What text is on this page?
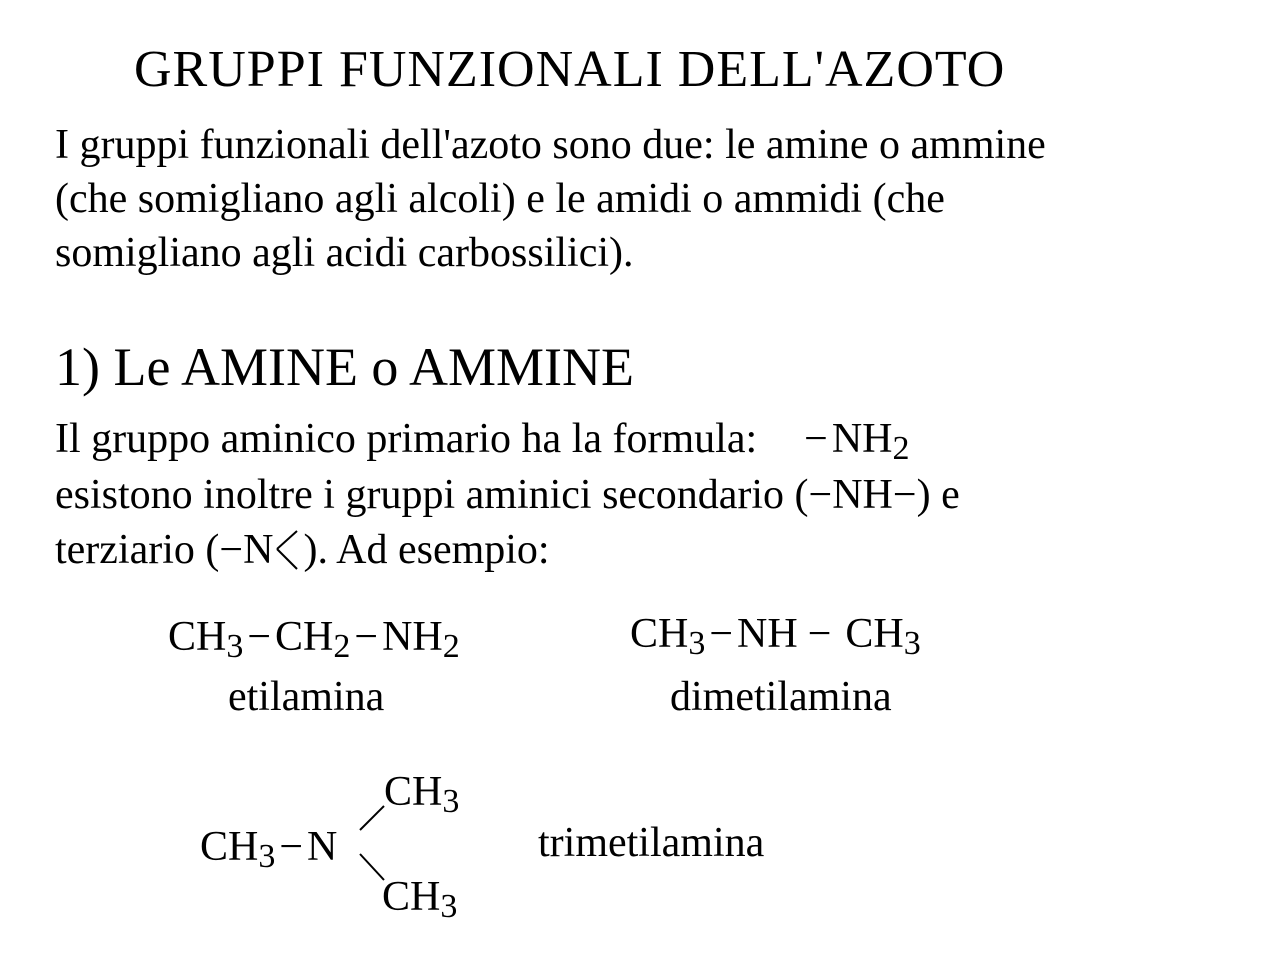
GRUPPI FUNZIONALI DELL'AZOTO
I gruppi funzionali dell'azoto sono due: le amine o ammine
(che somigliano agli alcoli) e le amidi o ammidi (che
somigliano agli acidi carbossilici).
1) Le AMINE o AMMINE
Il gruppo aminico primario ha la formula: $-NH_2$
esistono inoltre i gruppi aminici secondario (−NH−) e
terziario (−N ). Ad esempio:
$CH_3-CH_2-NH_2$
etilamina
$CH_3-NH - CH_3$
dimetilamina
$CH_3$
$CH_3-N$
$CH_3$
trimetilamina
